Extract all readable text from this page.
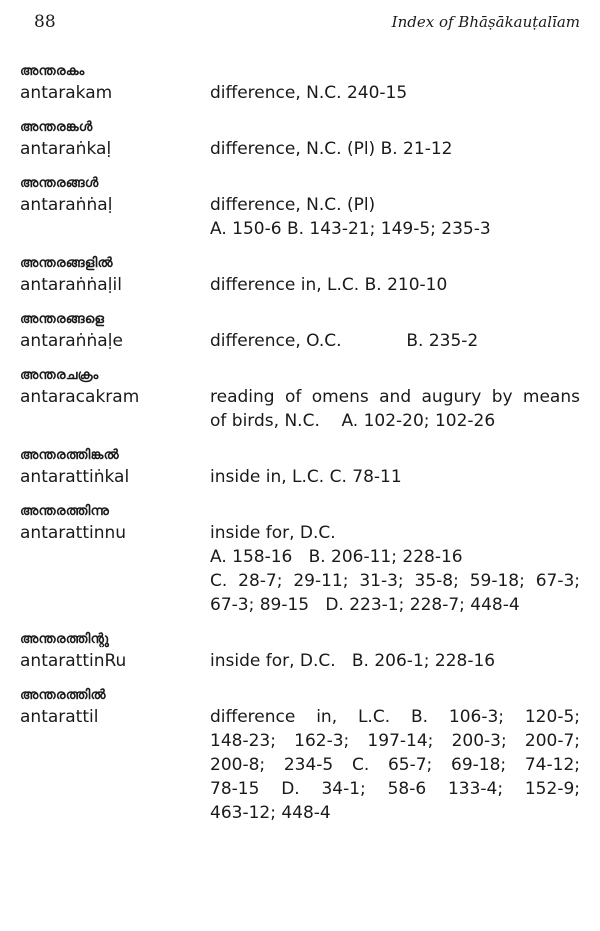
88	Index of Bhāṣākauṭalīam
അന്തരകം
antarakam	difference, N.C. 240-15
അന്തരങ്കൾ
antaraṅkaḷ	difference, N.C. (Pl) B. 21-12
അന്തരങ്ങൾ
antaraṅṅaḷ	difference, N.C. (Pl)
A. 150-6 B. 143-21; 149-5; 235-3
അന്തരങ്ങളിൽ
antaraṅṅaḷil	difference in, L.C. B. 210-10
അന്തരങ്ങളെ
antaraṅṅaḷe	difference, O.C.            B. 235-2
അന്തരചക്രം
antaracakram	reading of omens and augury by means
of birds, N.C.    A. 102-20; 102-26
അന്തരത്തിങ്കൽ
antarattiṅkal	inside in, L.C. C. 78-11
അന്തരത്തിന്നു
antarattinnu	inside for, D.C.
A. 158-16   B. 206-11; 228-16
C. 28-7; 29-11; 31-3; 35-8; 59-18; 67-3;
67-3; 89-15   D. 223-1; 228-7; 448-4
അന്തരത്തിന്റു
antarattinRu	inside for, D.C.   B. 206-1; 228-16
അന്തരത്തിൽ
antarattil	difference in, L.C. B. 106-3; 120-5;
148-23; 162-3; 197-14; 200-3; 200-7;
200-8; 234-5 C. 65-7; 69-18; 74-12;
78-15 D. 34-1; 58-6 133-4; 152-9;
463-12; 448-4
